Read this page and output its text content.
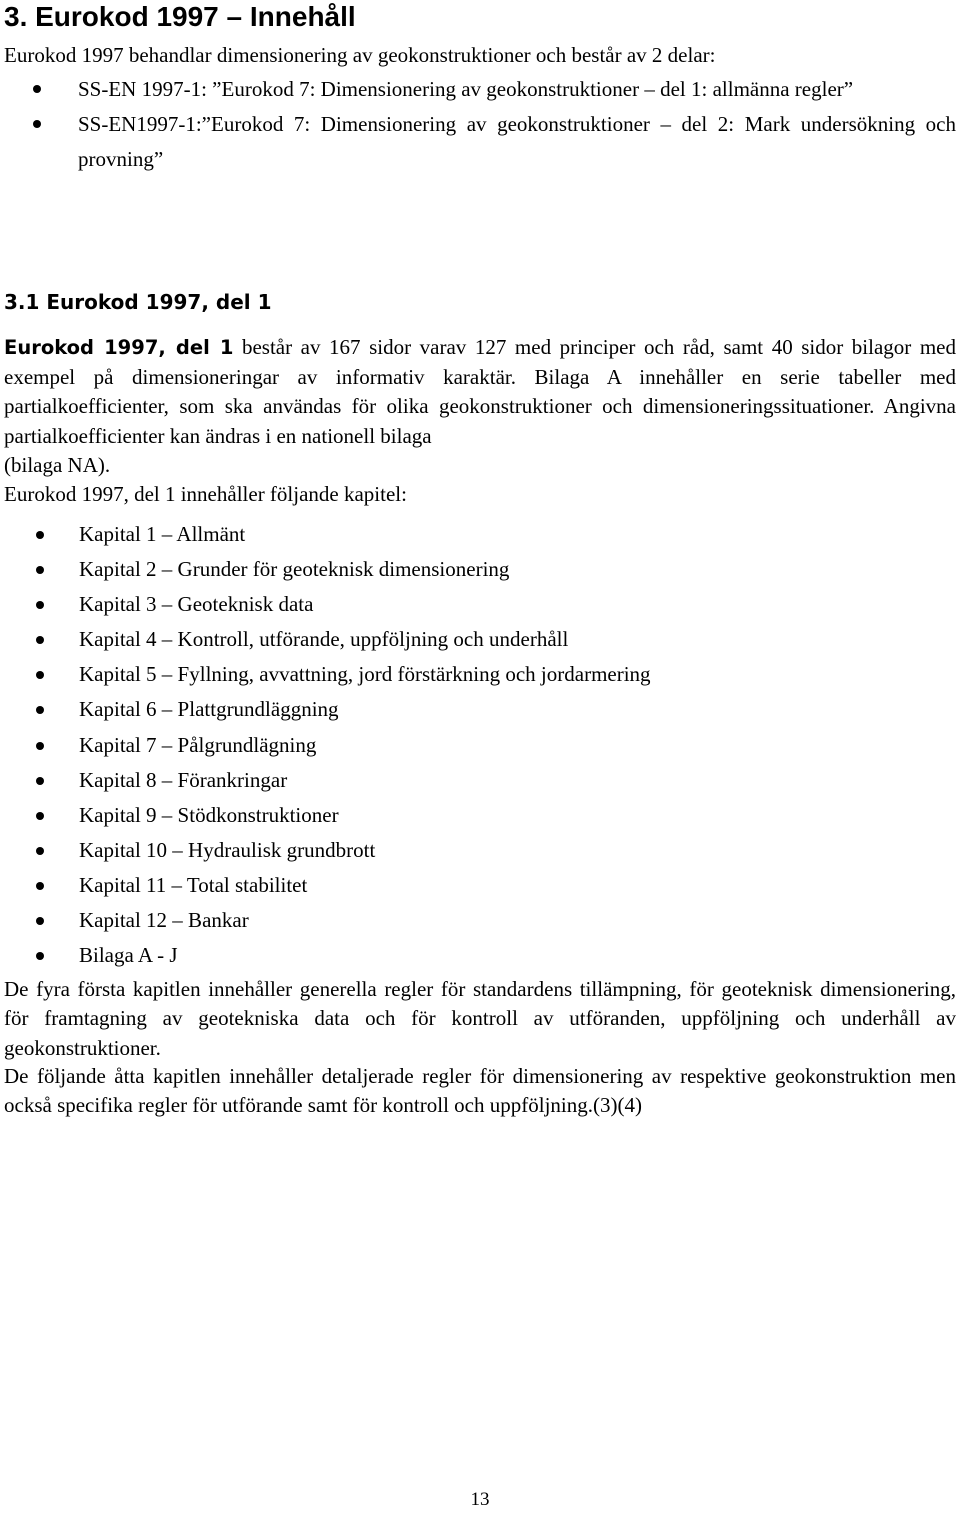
3. Eurokod 1997 – Innehåll
Eurokod 1997 behandlar dimensionering av geokonstruktioner och består av 2 delar:
SS-EN 1997-1: ”Eurokod 7: Dimensionering av geokonstruktioner – del 1: allmänna regler”
SS-EN1997-1:”Eurokod 7: Dimensionering av geokonstruktioner – del 2: Mark undersökning och provning”
3.1 Eurokod 1997, del 1
Eurokod 1997, del 1 består av 167 sidor varav 127 med principer och råd, samt 40 sidor bilagor med exempel på dimensioneringar av informativ karaktär. Bilaga A innehåller en serie tabeller med partialkoefficienter, som ska användas för olika geokonstruktioner och dimensioneringssituationer. Angivna partialkoefficienter kan ändras i en nationell bilaga
(bilaga NA).
Eurokod 1997, del 1 innehåller följande kapitel:
Kapital 1 – Allmänt
Kapital 2 – Grunder för geoteknisk dimensionering
Kapital 3 – Geoteknisk data
Kapital 4 – Kontroll, utförande, uppföljning och underhåll
Kapital 5 – Fyllning, avvattning, jord förstärkning och jordarmering
Kapital 6 – Plattgrundläggning
Kapital 7 – Pålgrundlägning
Kapital 8 – Förankringar
Kapital 9 – Stödkonstruktioner
Kapital 10 – Hydraulisk grundbrott
Kapital 11 – Total stabilitet
Kapital 12 – Bankar
Bilaga A - J
De fyra första kapitlen innehåller generella regler för standardens tillämpning, för geoteknisk dimensionering, för framtagning av geotekniska data och för kontroll av utföranden, uppföljning och underhåll av geokonstruktioner.
De följande åtta kapitlen innehåller detaljerade regler för dimensionering av respektive geokonstruktion men också specifika regler för utförande samt för kontroll och uppföljning.(3)(4)
13
